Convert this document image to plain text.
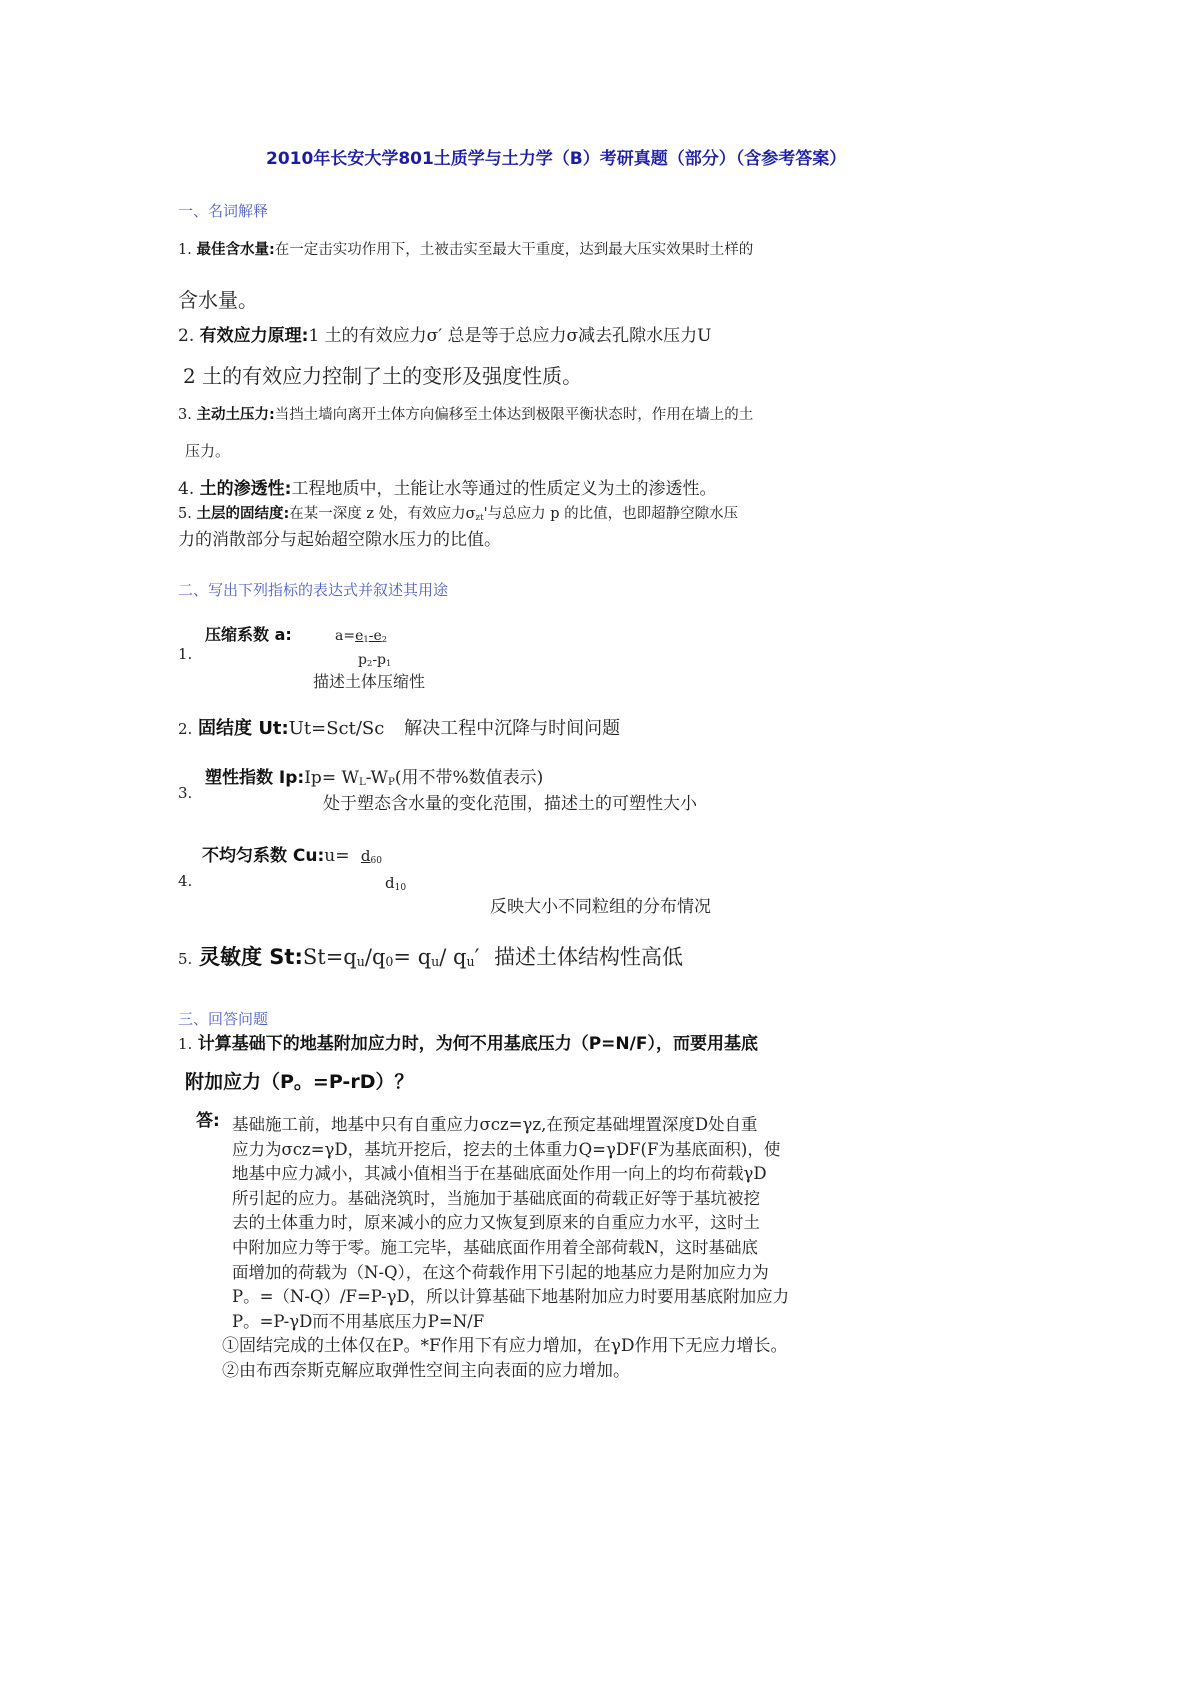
2010年长安大学801土质学与土力学（B）考研真题（部分）（含参考答案）
一、名词解释
1. 最佳含水量:在一定击实功作用下，土被击实至最大干重度，达到最大压实效果时土样的
含水量。
2. 有效应力原理:1 土的有效应力σ′ 总是等于总应力σ减去孔隙水压力U
2 土的有效应力控制了土的变形及强度性质。
3. 主动土压力:当挡土墙向离开土体方向偏移至土体达到极限平衡状态时，作用在墙上的土
压力。
4. 土的渗透性:工程地质中，土能让水等通过的性质定义为土的渗透性。
5. 土层的固结度:在某一深度 z 处，有效应力$\sigma_{zt}'$与总应力 p 的比值，也即超静空隙水压
力的消散部分与起始超空隙水压力的比值。
二、写出下列指标的表达式并叙述其用途
1.
压缩系数 a:	$a=e_1-e_2$
$p_2-p_1$
描述土体压缩性
2. 固结度 Ut:Ut=Sct/Sc 解决工程中沉降与时间问题
3.
塑性指数 Ip:Ip= $W_L-W_P$(用不带%数值表示)
处于塑态含水量的变化范围，描述土的可塑性大小
4.
不均匀系数 Cu:u= $d_{60}$
$d_{10}$
反映大小不同粒组的分布情况
5. 灵敏度 $St:St=q_u/q_0= q_u/$ $q_u'$ 描述土体结构性高低
三、回答问题
1. 计算基础下的地基附加应力时，为何不用基底压力（P=N/F），而要用基底
附加应力（P。=P-rD）？
答: 基础施工前，地基中只有自重应力σcz=γz,在预定基础埋置深度D处自重
应力为σcz=γD，基坑开挖后，挖去的土体重力Q=γDF(F为基底面积)，使
地基中应力减小，其减小值相当于在基础底面处作用一向上的均布荷载γD
所引起的应力。基础浇筑时，当施加于基础底面的荷载正好等于基坑被挖
去的土体重力时，原来减小的应力又恢复到原来的自重应力水平，这时土
中附加应力等于零。施工完毕，基础底面作用着全部荷载N，这时基础底
面增加的荷载为（N-Q），在这个荷载作用下引起的地基应力是附加应力为
P。=（N-Q）/F=P-γD，所以计算基础下地基附加应力时要用基底附加应力
P。=P-γD而不用基底压力P=N/F
①固结完成的土体仅在P。*F作用下有应力增加，在γD作用下无应力增长。
②由布西奈斯克解应取弹性空间主向表面的应力增加。
